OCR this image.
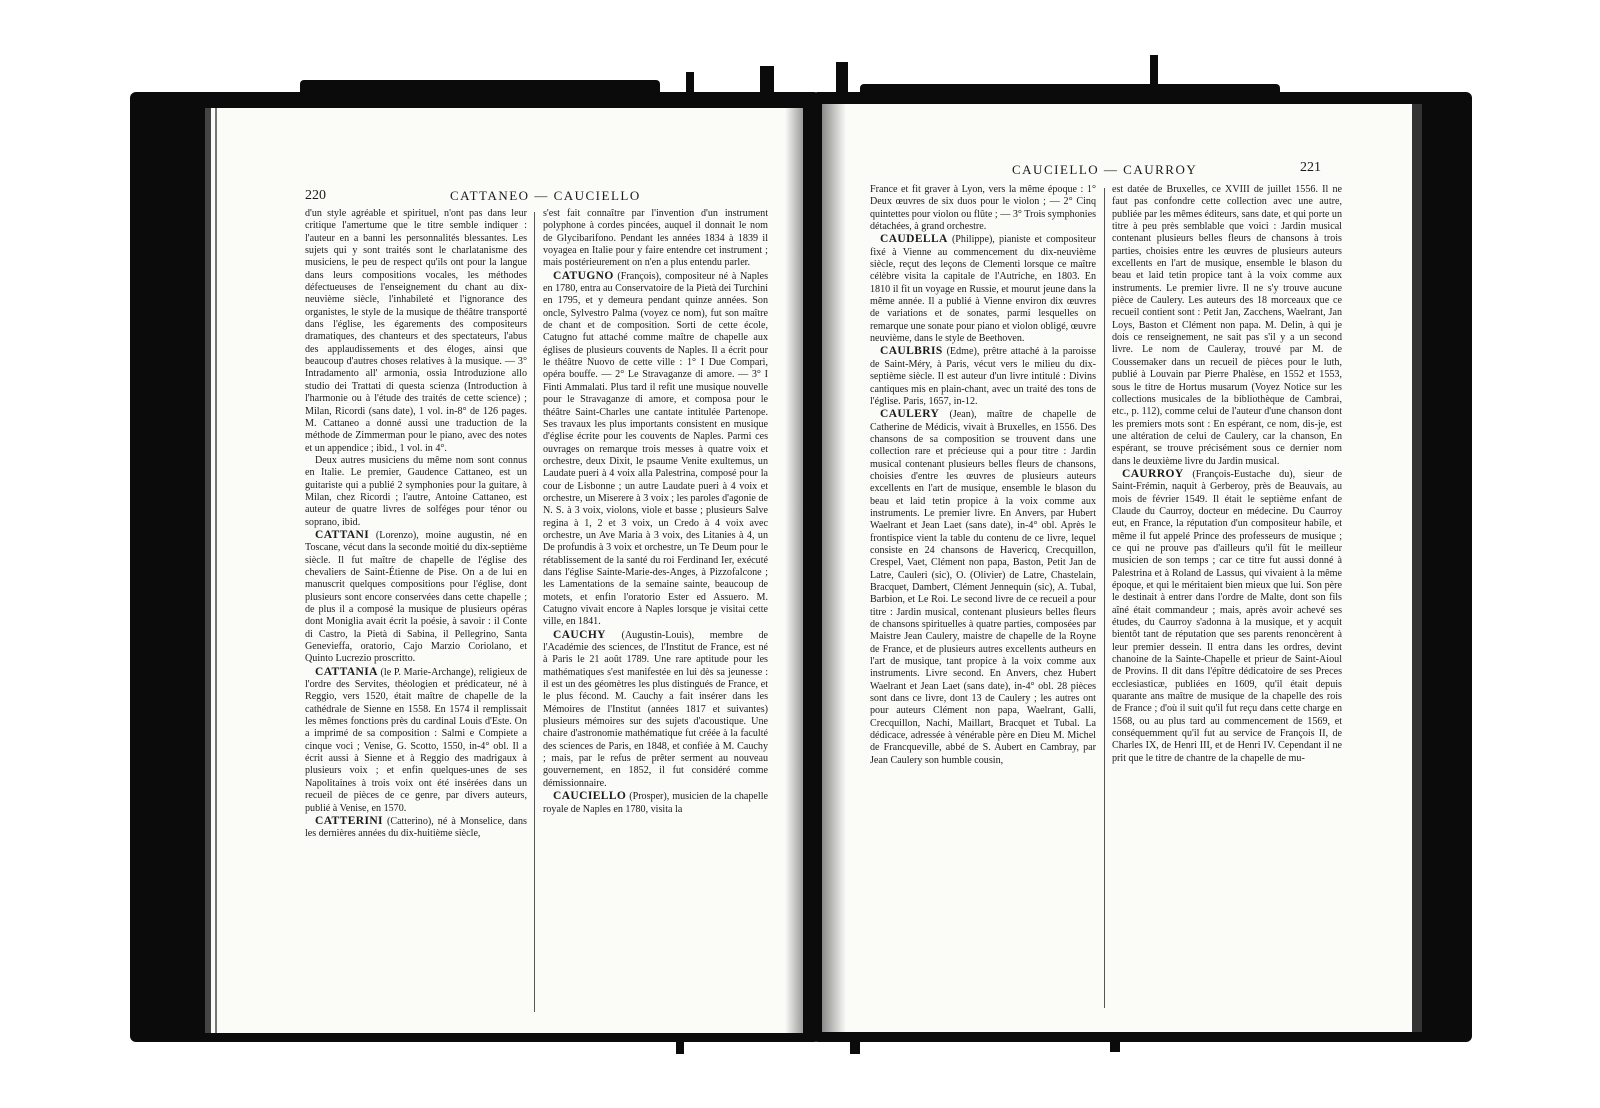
220	CATTANEO — CAUCIELLO

d'un style agréable et spirituel, n'ont pas dans leur critique l'amertume que le titre semble indiquer : l'auteur en a banni les personnalités blessantes. Les sujets qui y sont traités sont le charlatanisme des musiciens, le peu de respect qu'ils ont pour la langue dans leurs compositions vocales, les méthodes défectueuses de l'enseignement du chant au dix-neuvième siècle, l'inhabileté et l'ignorance des organistes, le style de la musique de théâtre transporté dans l'église, les égarements des compositeurs dramatiques, des chanteurs et des spectateurs, l'abus des applaudissements et des éloges, ainsi que beaucoup d'autres choses relatives à la musique. — 3° Intradamento all' armonia, ossia Introduzione allo studio dei Trattati di questa scienza (Introduction à l'harmonie ou à l'étude des traités de cette science) ; Milan, Ricordi (sans date), 1 vol. in-8° de 126 pages. M. Cattaneo a donné aussi une traduction de la méthode de Zimmerman pour le piano, avec des notes et un appendice ; ibid., 1 vol. in 4°.

Deux autres musiciens du même nom sont connus en Italie. Le premier, Gaudence Cattaneo, est un guitariste qui a publié 2 symphonies pour la guitare, à Milan, chez Ricordi ; l'autre, Antoine Cattaneo, est auteur de quatre livres de solféges pour ténor ou soprano, ibid.

CATTANI (Lorenzo), moine augustin, né en Toscane, vécut dans la seconde moitié du dix-septième siècle. Il fut maître de chapelle de l'église des chevaliers de Saint-Étienne de Pise. On a de lui en manuscrit quelques compositions pour l'église, dont plusieurs sont encore conservées dans cette chapelle ; de plus il a composé la musique de plusieurs opéras dont Moniglia avait écrit la poésie, à savoir : il Conte di Castro, la Pietà di Sabina, il Pellegrino, Santa Genevieffa, oratorio, Cajo Marzio Coriolano, et Quinto Lucrezio proscritto.

CATTANIA (le P. Marie-Archange), religieux de l'ordre des Servites, théologien et prédicateur, né à Reggio, vers 1520, était maître de chapelle de la cathédrale de Sienne en 1558. En 1574 il remplissait les mêmes fonctions près du cardinal Louis d'Este. On a imprimé de sa composition : Salmi e Compiete a cinque voci ; Venise, G. Scotto, 1550, in-4° obl. Il a écrit aussi à Sienne et à Reggio des madrigaux à plusieurs voix ; et enfin quelques-unes de ses Napolitaines à trois voix ont été insérées dans un recueil de pièces de ce genre, par divers auteurs, publié à Venise, en 1570.

CATTERINI (Catterino), né à Monselice, dans les dernières années du dix-huitième siècle,

s'est fait connaître par l'invention d'un instrument polyphone à cordes pincées, auquel il donnait le nom de Glycibarifono. Pendant les années 1834 à 1839 il voyagea en Italie pour y faire entendre cet instrument ; mais postérieurement on n'en a plus entendu parler.

CATUGNO (François), compositeur né à Naples en 1780, entra au Conservatoire de la Pietà dei Turchini en 1795, et y demeura pendant quinze années. Son oncle, Sylvestro Palma (voyez ce nom), fut son maître de chant et de composition. Sorti de cette école, Catugno fut attaché comme maître de chapelle aux églises de plusieurs couvents de Naples. Il a écrit pour le théâtre Nuovo de cette ville : 1° I Due Compari, opéra bouffe. — 2° Le Stravaganze di amore. — 3° I Finti Ammalati. Plus tard il refit une musique nouvelle pour le Stravaganze di amore, et composa pour le théâtre Saint-Charles une cantate intitulée Partenope. Ses travaux les plus importants consistent en musique d'église écrite pour les couvents de Naples. Parmi ces ouvrages on remarque trois messes à quatre voix et orchestre, deux Dixit, le psaume Venite exultemus, un Laudate pueri à 4 voix alla Palestrina, composé pour la cour de Lisbonne ; un autre Laudate pueri à 4 voix et orchestre, un Miserere à 3 voix ; les paroles d'agonie de N. S. à 3 voix, violons, viole et basse ; plusieurs Salve regina à 1, 2 et 3 voix, un Credo à 4 voix avec orchestre, un Ave Maria à 3 voix, des Litanies à 4, un De profundis à 3 voix et orchestre, un Te Deum pour le rétablissement de la santé du roi Ferdinand Ier, exécuté dans l'église Sainte-Marie-des-Anges, à Pizzofalcone ; les Lamentations de la semaine sainte, beaucoup de motets, et enfin l'oratorio Ester ed Assuero. M. Catugno vivait encore à Naples lorsque je visitai cette ville, en 1841.

CAUCHY (Augustin-Louis), membre de l'Académie des sciences, de l'Institut de France, est né à Paris le 21 août 1789. Une rare aptitude pour les mathématiques s'est manifestée en lui dès sa jeunesse : il est un des géomètres les plus distingués de France, et le plus fécond. M. Cauchy a fait insérer dans les Mémoires de l'Institut (années 1817 et suivantes) plusieurs mémoires sur des sujets d'acoustique. Une chaire d'astronomie mathématique fut créée à la faculté des sciences de Paris, en 1848, et confiée à M. Cauchy ; mais, par le refus de prêter serment au nouveau gouvernement, en 1852, il fut considéré comme démissionnaire.

CAUCIELLO (Prosper), musicien de la chapelle royale de Naples en 1780, visita la

CAUCIELLO — CAURROY	221

France et fit graver à Lyon, vers la même époque : 1° Deux œuvres de six duos pour le violon ; — 2° Cinq quintettes pour violon ou flûte ; — 3° Trois symphonies détachées, à grand orchestre.

CAUDELLA (Philippe), pianiste et compositeur fixé à Vienne au commencement du dix-neuvième siècle, reçut des leçons de Clementi lorsque ce maître célèbre visita la capitale de l'Autriche, en 1803. En 1810 il fit un voyage en Russie, et mourut jeune dans la même année. Il a publié à Vienne environ dix œuvres de variations et de sonates, parmi lesquelles on remarque une sonate pour piano et violon obligé, œuvre neuvième, dans le style de Beethoven.

CAULBRIS (Edme), prêtre attaché à la paroisse de Saint-Méry, à Paris, vécut vers le milieu du dix-septième siècle. Il est auteur d'un livre intitulé : Divins cantiques mis en plain-chant, avec un traité des tons de l'église. Paris, 1657, in-12.

CAULERY (Jean), maître de chapelle de Catherine de Médicis, vivait à Bruxelles, en 1556. Des chansons de sa composition se trouvent dans une collection rare et précieuse qui a pour titre : Jardin musical contenant plusieurs belles fleurs de chansons, choisies d'entre les œuvres de plusieurs auteurs excellents en l'art de musique, ensemble le blason du beau et laid tetin propice à la voix comme aux instruments. Le premier livre. En Anvers, par Hubert Waelrant et Jean Laet (sans date), in-4° obl. Après le frontispice vient la table du contenu de ce livre, lequel consiste en 24 chansons de Havericq, Crecquillon, Crespel, Vaet, Clément non papa, Baston, Petit Jan de Latre, Cauleri (sic), O. (Olivier) de Latre, Chastelain, Bracquet, Dambert, Clément Jennequin (sic), A. Tubal, Barbion, et Le Roi. Le second livre de ce recueil a pour titre : Jardin musical, contenant plusieurs belles fleurs de chansons spirituelles à quatre parties, composées par Maistre Jean Caulery, maistre de chapelle de la Royne de France, et de plusieurs autres excellents autheurs en l'art de musique, tant propice à la voix comme aux instruments. Livre second. En Anvers, chez Hubert Waelrant et Jean Laet (sans date), in-4° obl. 28 pièces sont dans ce livre, dont 13 de Caulery ; les autres ont pour auteurs Clément non papa, Waelrant, Galli, Crecquillon, Nachi, Maillart, Bracquet et Tubal. La dédicace, adressée à vénérable père en Dieu M. Michel de Francqueville, abbé de S. Aubert en Cambray, par Jean Caulery son humble cousin,

est datée de Bruxelles, ce XVIII de juillet 1556. Il ne faut pas confondre cette collection avec une autre, publiée par les mêmes éditeurs, sans date, et qui porte un titre à peu près semblable que voici : Jardin musical contenant plusieurs belles fleurs de chansons à trois parties, choisies entre les œuvres de plusieurs auteurs excellents en l'art de musique, ensemble le blason du beau et laid tetin propice tant à la voix comme aux instruments. Le premier livre. Il ne s'y trouve aucune pièce de Caulery. Les auteurs des 18 morceaux que ce recueil contient sont : Petit Jan, Zacchens, Waelrant, Jan Loys, Baston et Clément non papa. M. Delin, à qui je dois ce renseignement, ne sait pas s'il y a un second livre. Le nom de Cauleray, trouvé par M. de Coussemaker dans un recueil de pièces pour le luth, publié à Louvain par Pierre Phalèse, en 1552 et 1553, sous le titre de Hortus musarum (Voyez Notice sur les collections musicales de la bibliothèque de Cambrai, etc., p. 112), comme celui de l'auteur d'une chanson dont les premiers mots sont : En espérant, ce nom, dis-je, est une altération de celui de Caulery, car la chanson, En espérant, se trouve précisément sous ce dernier nom dans le deuxième livre du Jardin musical.

CAURROY (François-Eustache du), sieur de Saint-Frémin, naquit à Gerberoy, près de Beauvais, au mois de février 1549. Il était le septième enfant de Claude du Caurroy, docteur en médecine. Du Caurroy eut, en France, la réputation d'un compositeur habile, et même il fut appelé Prince des professeurs de musique ; ce qui ne prouve pas d'ailleurs qu'il fût le meilleur musicien de son temps ; car ce titre fut aussi donné à Palestrina et à Roland de Lassus, qui vivaient à la même époque, et qui le méritaient bien mieux que lui. Son père le destinait à entrer dans l'ordre de Malte, dont son fils aîné était commandeur ; mais, après avoir achevé ses études, du Caurroy s'adonna à la musique, et y acquit bientôt tant de réputation que ses parents renoncèrent à leur premier dessein. Il entra dans les ordres, devint chanoine de la Sainte-Chapelle et prieur de Saint-Aioul de Provins. Il dit dans l'épître dédicatoire de ses Preces ecclesiasticæ, publiées en 1609, qu'il était depuis quarante ans maître de musique de la chapelle des rois de France ; d'où il suit qu'il fut reçu dans cette charge en 1568, ou au plus tard au commencement de 1569, et conséquemment qu'il fut au service de François II, de Charles IX, de Henri III, et de Henri IV. Cependant il ne prit que le titre de chantre de la chapelle de mu-
